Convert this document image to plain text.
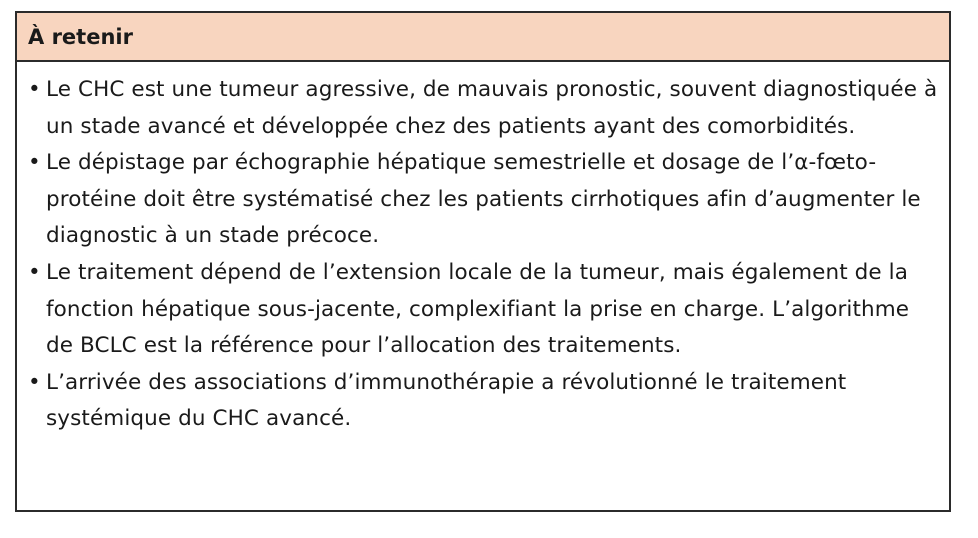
À retenir
• Le CHC est une tumeur agressive, de mauvais pronostic, souvent diagnostiquée à un stade avancé et développée chez des patients ayant des comorbidités.
• Le dépistage par échographie hépatique semestrielle et dosage de l’α-fœto-protéine doit être systématisé chez les patients cirrhotiques afin d’augmenter le diagnostic à un stade précoce.
• Le traitement dépend de l’extension locale de la tumeur, mais également de la fonction hépatique sous-jacente, complexifiant la prise en charge. L’algorithme de BCLC est la référence pour l’allocation des traitements.
• L’arrivée des associations d’immunothérapie a révolutionné le traitement systémique du CHC avancé.
